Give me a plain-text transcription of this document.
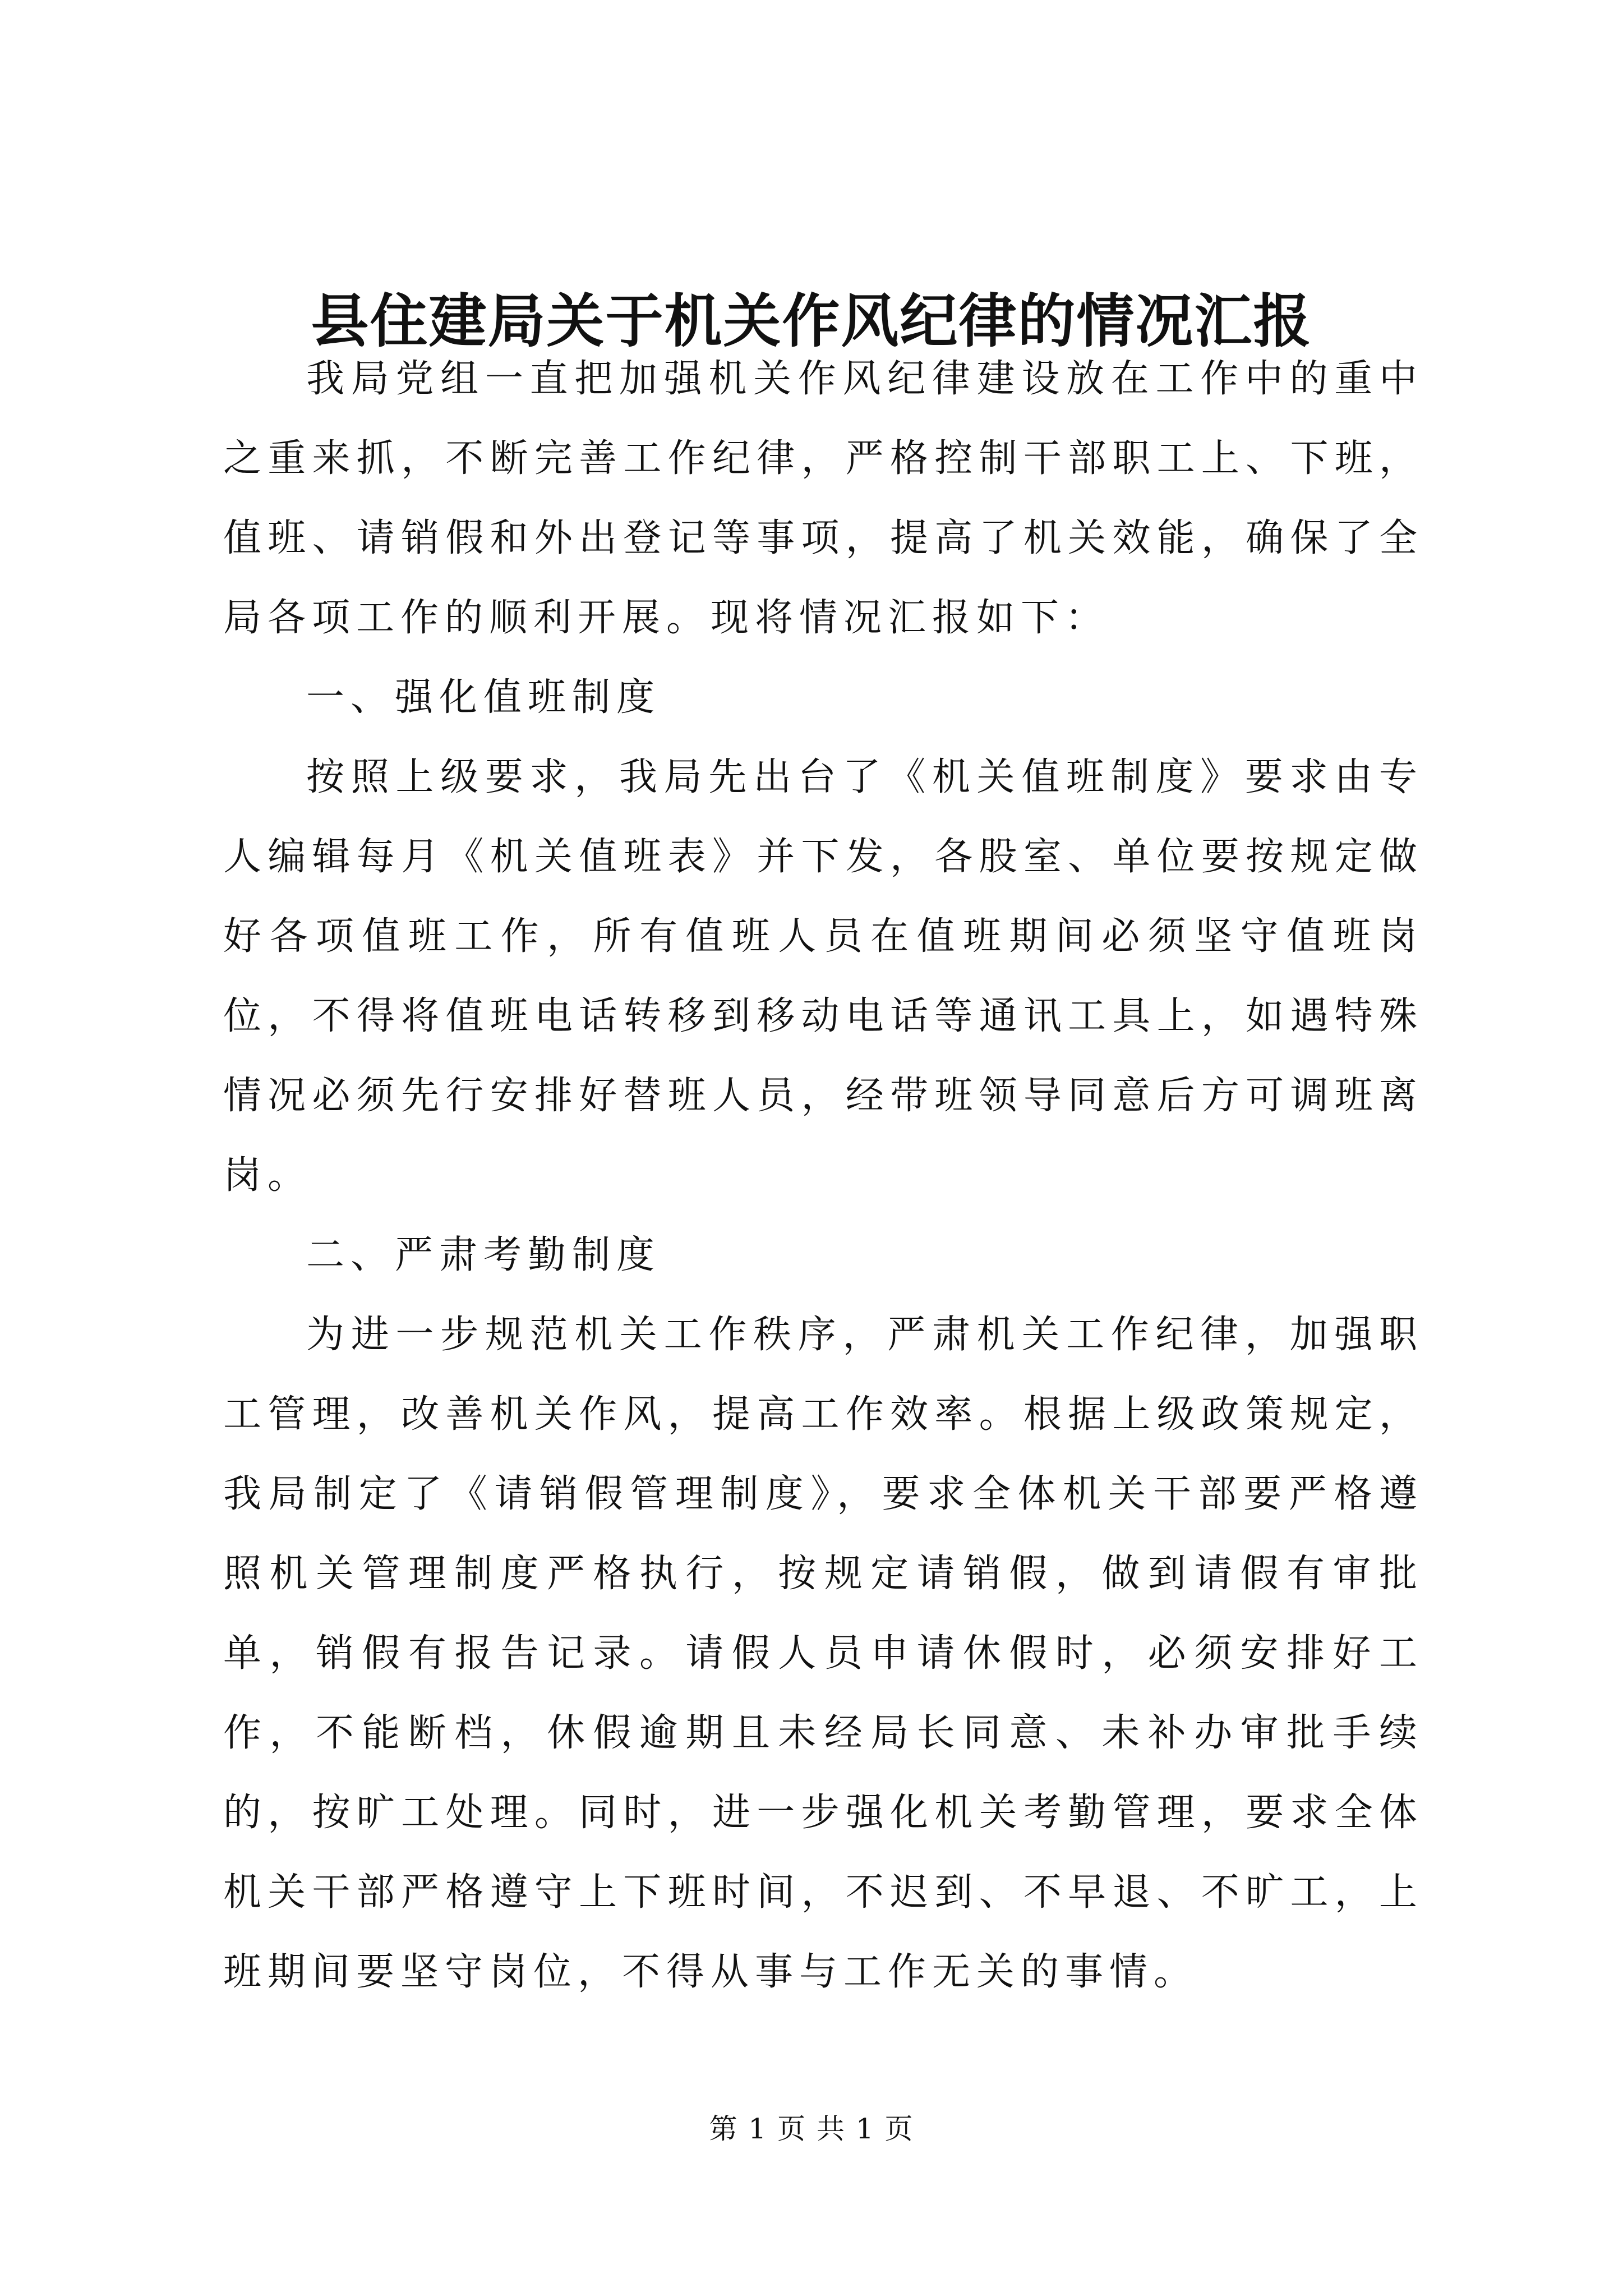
县住建局关于机关作风纪律的情况汇报

我局党组一直把加强机关作风纪律建设放在工作中的重中之重来抓，不断完善工作纪律，严格控制干部职工上、下班，值班、请销假和外出登记等事项，提高了机关效能，确保了全局各项工作的顺利开展。现将情况汇报如下：

一、强化值班制度

按照上级要求，我局先出台了《机关值班制度》要求由专人编辑每月《机关值班表》并下发，各股室、单位要按规定做好各项值班工作，所有值班人员在值班期间必须坚守值班岗位，不得将值班电话转移到移动电话等通讯工具上，如遇特殊情况必须先行安排好替班人员，经带班领导同意后方可调班离岗。

二、严肃考勤制度

为进一步规范机关工作秩序，严肃机关工作纪律，加强职工管理，改善机关作风，提高工作效率。根据上级政策规定，我局制定了《请销假管理制度》，要求全体机关干部要严格遵照机关管理制度严格执行，按规定请销假，做到请假有审批单，销假有报告记录。请假人员申请休假时，必须安排好工作，不能断档，休假逾期且未经局长同意、未补办审批手续的，按旷工处理。同时，进一步强化机关考勤管理，要求全体机关干部严格遵守上下班时间，不迟到、不早退、不旷工，上班期间要坚守岗位，不得从事与工作无关的事情。

第 1 页 共 1 页
